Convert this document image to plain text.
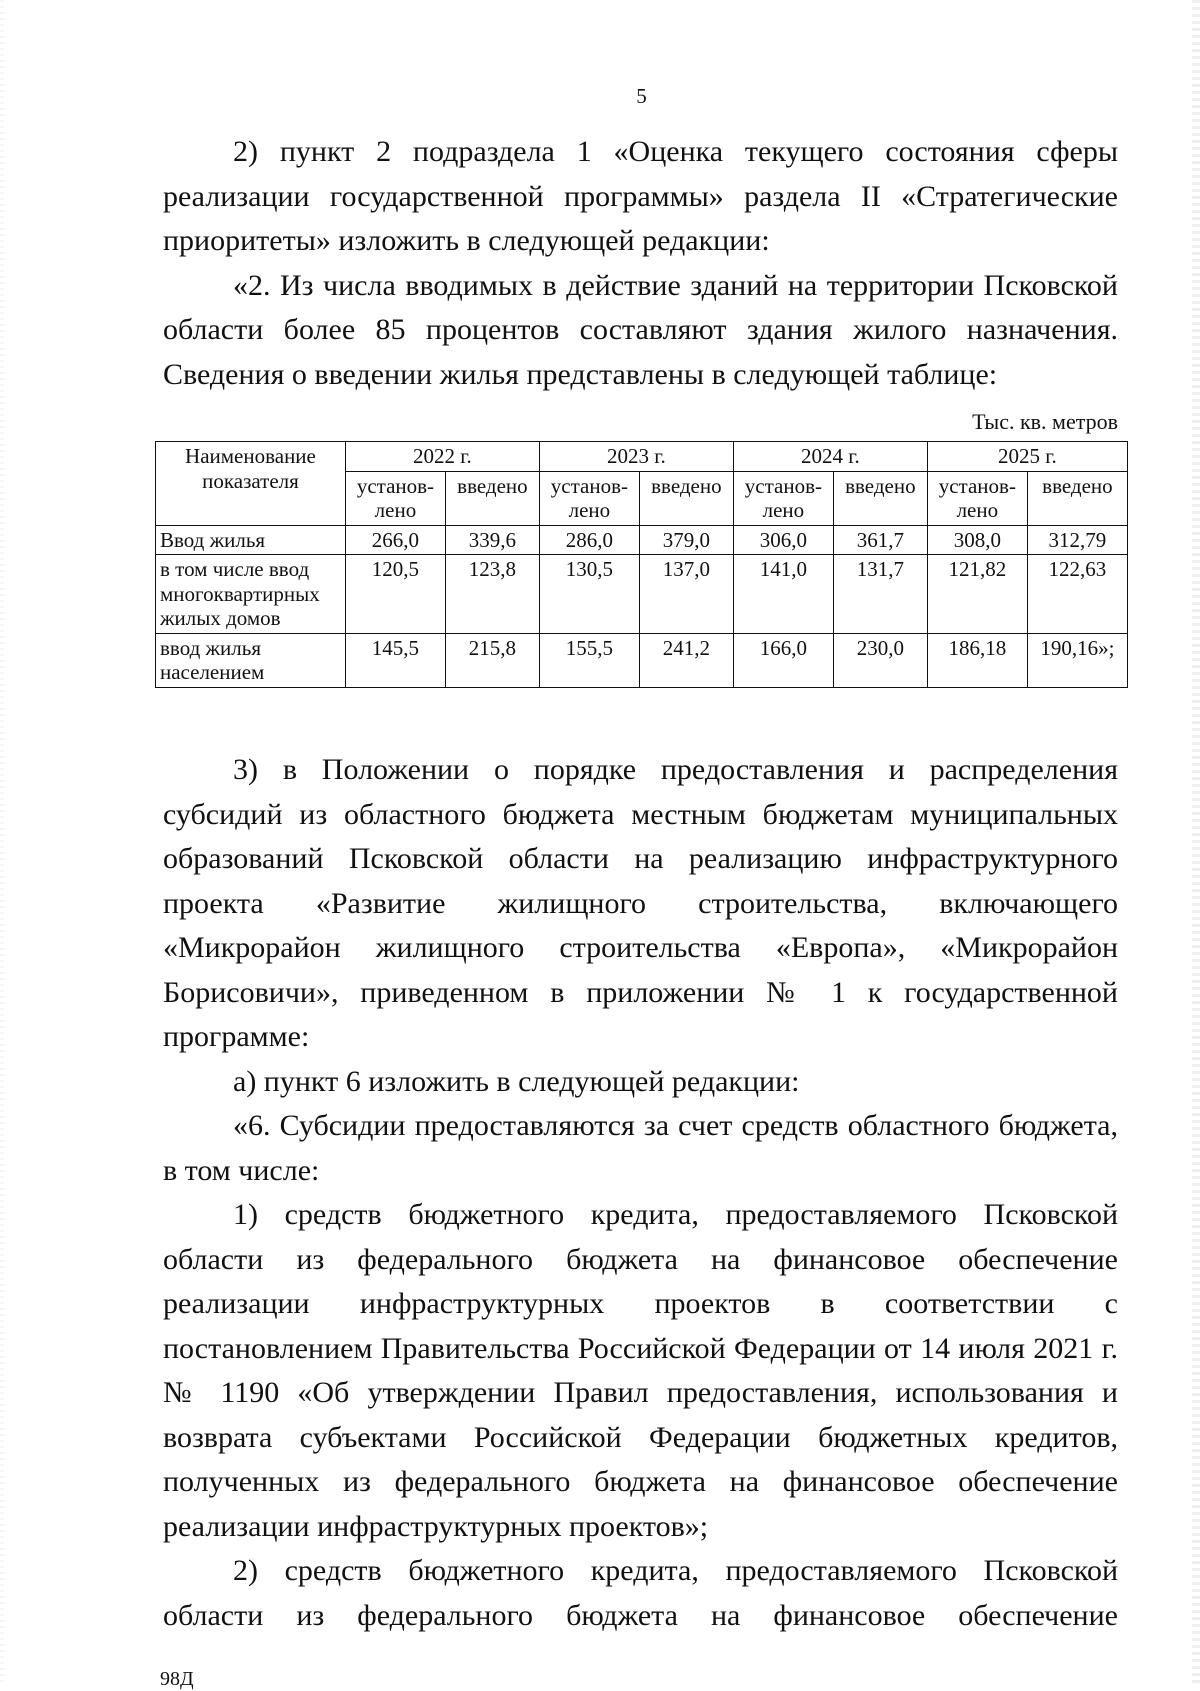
5

2) пункт 2 подраздела 1 «Оценка текущего состояния сферы реализации государственной программы» раздела II «Стратегические приоритеты» изложить в следующей редакции:

«2. Из числа вводимых в действие зданий на территории Псковской области более 85 процентов составляют здания жилого назначения. Сведения о введении жилья представлены в следующей таблице:

Тыс. кв. метров
Наименование показателя	2022 г.		2023 г.		2024 г.		2025 г.	
	установ- лено	введено	установ- лено	введено	установ- лено	введено	установ- лено	введено
Ввод жилья	266,0	339,6	286,0	379,0	306,0	361,7	308,0	312,79
в том числе ввод многоквартирных жилых домов	120,5	123,8	130,5	137,0	141,0	131,7	121,82	122,63
ввод жилья населением	145,5	215,8	155,5	241,2	166,0	230,0	186,18	190,16»;

3) в Положении о порядке предоставления и распределения субсидий из областного бюджета местным бюджетам муниципальных образований Псковской области на реализацию инфраструктурного проекта «Развитие жилищного строительства, включающего «Микрорайон жилищного строительства «Европа», «Микрорайон Борисовичи», приведенном в приложении № 1 к государственной программе:

а) пункт 6 изложить в следующей редакции:

«6. Субсидии предоставляются за счет средств областного бюджета, в том числе:

1) средств бюджетного кредита, предоставляемого Псковской области из федерального бюджета на финансовое обеспечение реализации инфраструктурных проектов в соответствии с постановлением Правительства Российской Федерации от 14 июля 2021 г. № 1190 «Об утверждении Правил предоставления, использования и возврата субъектами Российской Федерации бюджетных кредитов, полученных из федерального бюджета на финансовое обеспечение реализации инфраструктурных проектов»;

2) средств бюджетного кредита, предоставляемого Псковской области из федерального бюджета на финансовое обеспечение

98Д
